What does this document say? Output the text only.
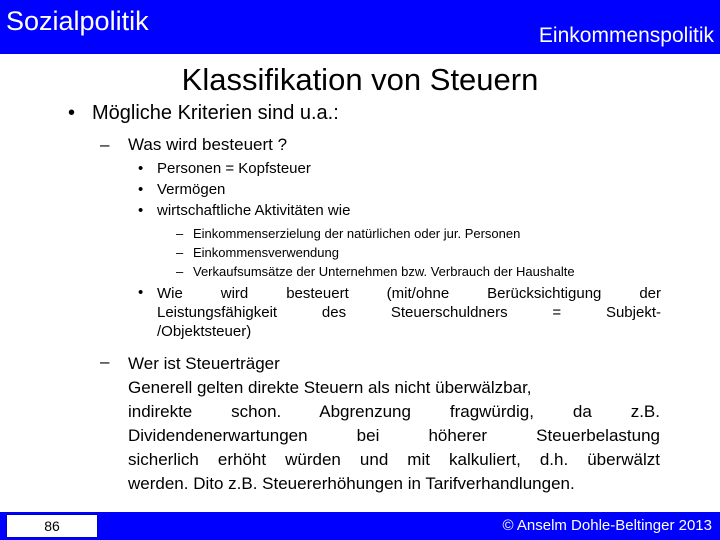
Sozialpolitik	Einkommenspolitik
Klassifikation von Steuern
• Mögliche Kriterien sind u.a.:
– Was wird besteuert ?
• Personen = Kopfsteuer
• Vermögen
• wirtschaftliche Aktivitäten wie
– Einkommenserzielung der natürlichen oder jur. Personen
– Einkommensverwendung
– Verkaufsumsätze der Unternehmen bzw. Verbrauch der Haushalte
• Wie wird besteuert (mit/ohne Berücksichtigung der
Leistungsfähigkeit des Steuerschuldners = Subjekt-
/Objektsteuer)
– Wer ist Steuerträger
Generell gelten direkte Steuern als nicht überwälzbar,
indirekte schon. Abgrenzung fragwürdig, da z.B.
Dividendenerwartungen bei höherer Steuerbelastung
sicherlich erhöht würden und mit kalkuliert, d.h. überwälzt
werden. Dito z.B. Steuererhöhungen in Tarifverhandlungen.
86	© Anselm Dohle-Beltinger 2013
